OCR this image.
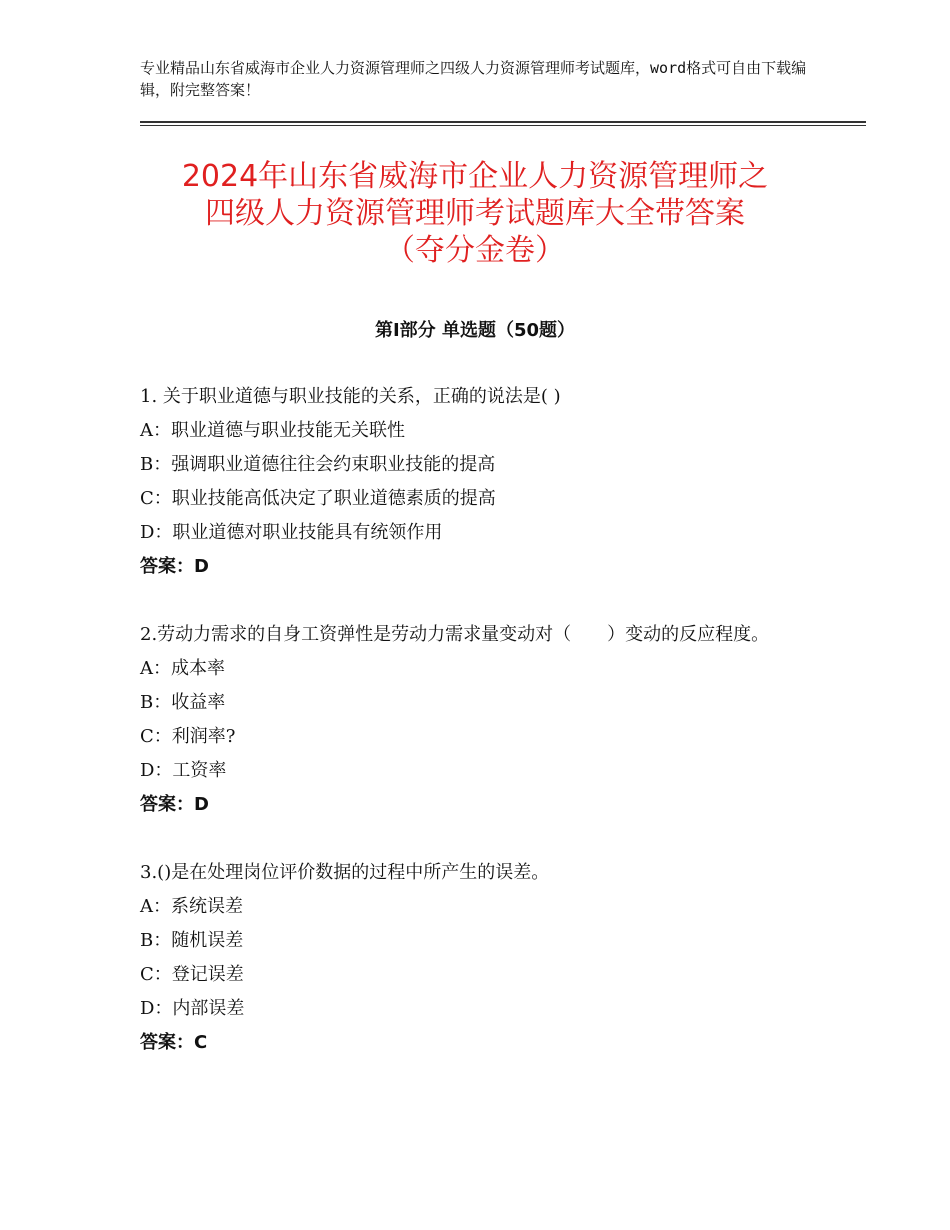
专业精品山东省威海市企业人力资源管理师之四级人力资源管理师考试题库，word格式可自由下载编辑，附完整答案！
2024年山东省威海市企业人力资源管理师之
四级人力资源管理师考试题库大全带答案
（夺分金卷）
第Ⅰ部分 单选题（50题）
1. 关于职业道德与职业技能的关系，正确的说法是( )
A：职业道德与职业技能无关联性
B：强调职业道德往往会约束职业技能的提高
C：职业技能高低决定了职业道德素质的提高
D：职业道德对职业技能具有统领作用
答案：D
2.劳动力需求的自身工资弹性是劳动力需求量变动对（　　）变动的反应程度。
A：成本率
B：收益率
C：利润率?
D：工资率
答案：D
3.()是在处理岗位评价数据的过程中所产生的误差。
A：系统误差
B：随机误差
C：登记误差
D：内部误差
答案：C
